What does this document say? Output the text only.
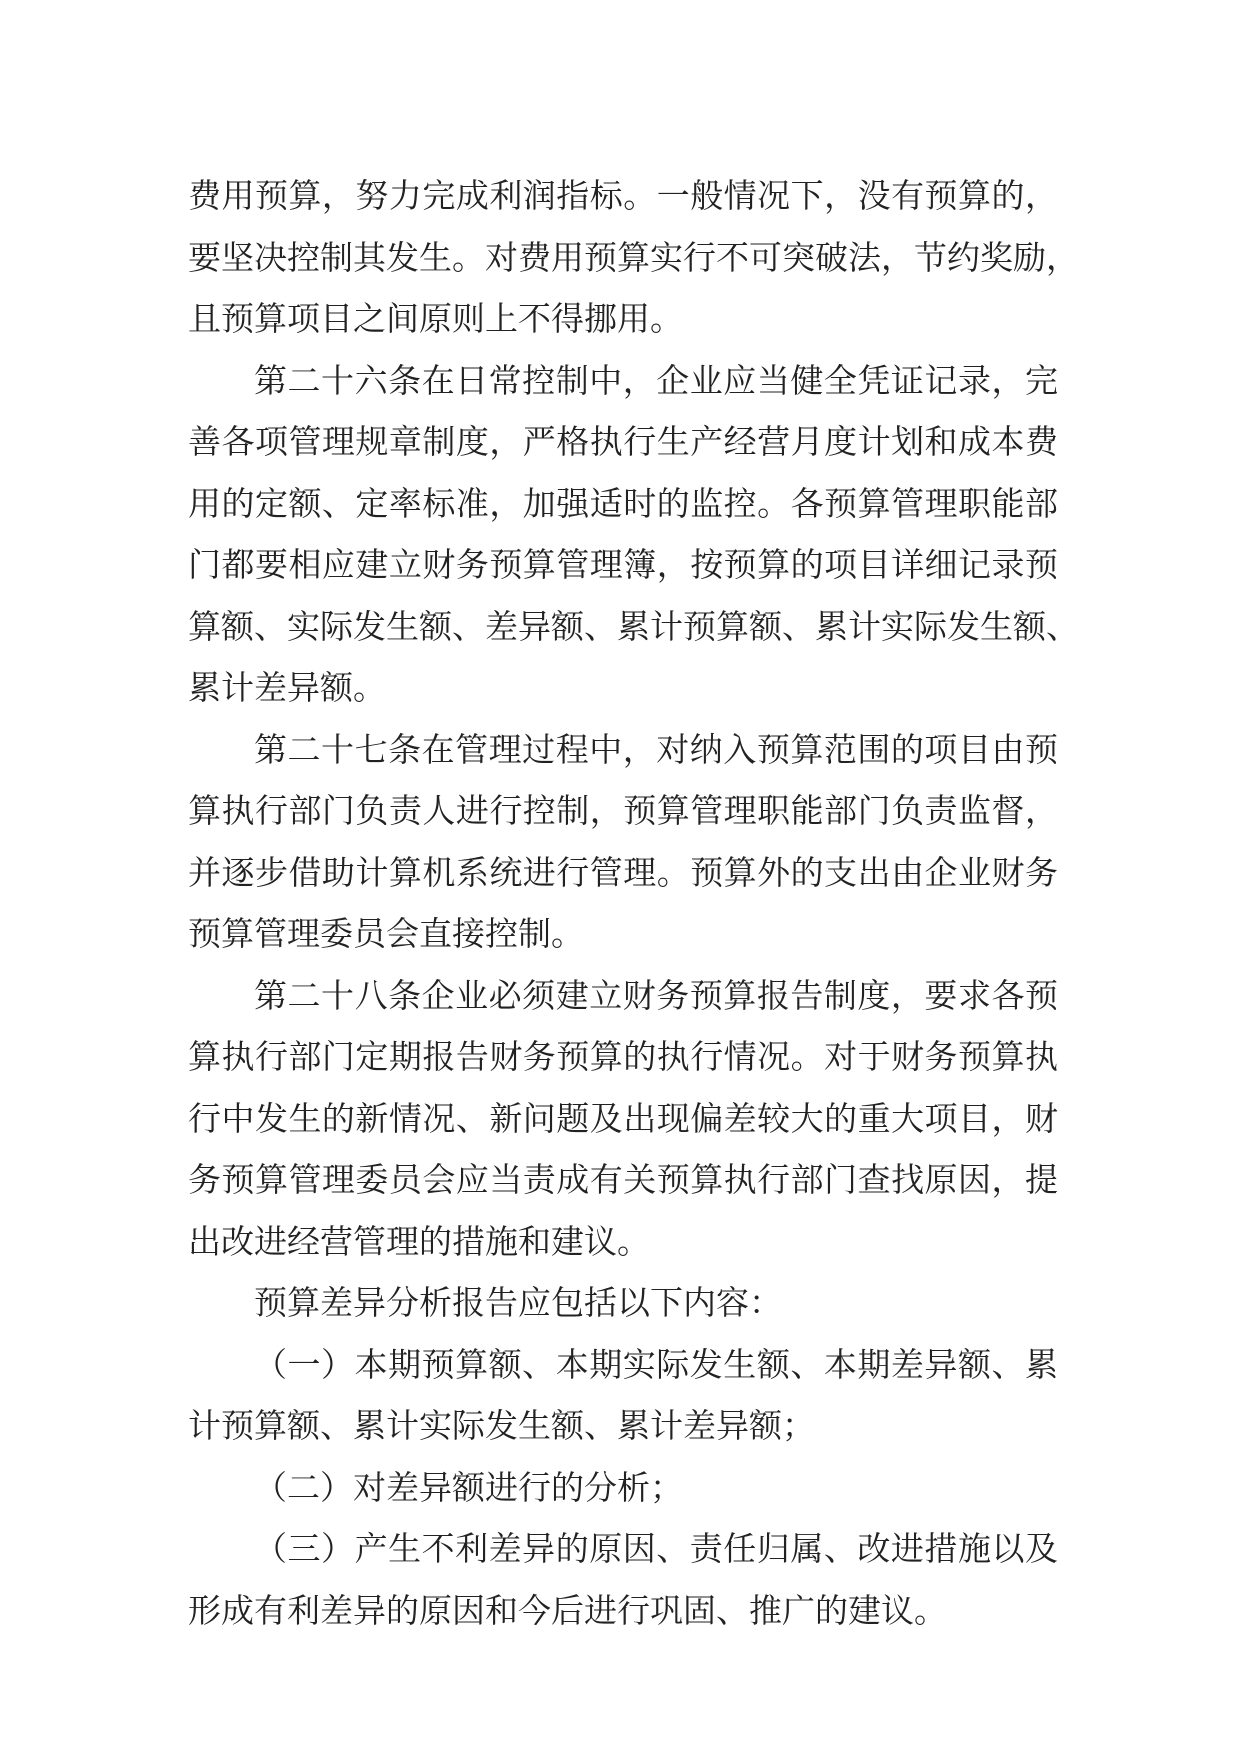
费用预算，努力完成利润指标。一般情况下，没有预算的，
要坚决控制其发生。对费用预算实行不可突破法，节约奖励，
且预算项目之间原则上不得挪用。

第二十六条在日常控制中，企业应当健全凭证记录，完
善各项管理规章制度，严格执行生产经营月度计划和成本费
用的定额、定率标准，加强适时的监控。各预算管理职能部
门都要相应建立财务预算管理簿，按预算的项目详细记录预
算额、实际发生额、差异额、累计预算额、累计实际发生额、
累计差异额。

第二十七条在管理过程中，对纳入预算范围的项目由预
算执行部门负责人进行控制，预算管理职能部门负责监督，
并逐步借助计算机系统进行管理。预算外的支出由企业财务
预算管理委员会直接控制。

第二十八条企业必须建立财务预算报告制度，要求各预
算执行部门定期报告财务预算的执行情况。对于财务预算执
行中发生的新情况、新问题及出现偏差较大的重大项目，财
务预算管理委员会应当责成有关预算执行部门查找原因，提
出改进经营管理的措施和建议。

预算差异分析报告应包括以下内容：

（一）本期预算额、本期实际发生额、本期差异额、累
计预算额、累计实际发生额、累计差异额；

（二）对差异额进行的分析；

（三）产生不利差异的原因、责任归属、改进措施以及
形成有利差异的原因和今后进行巩固、推广的建议。
